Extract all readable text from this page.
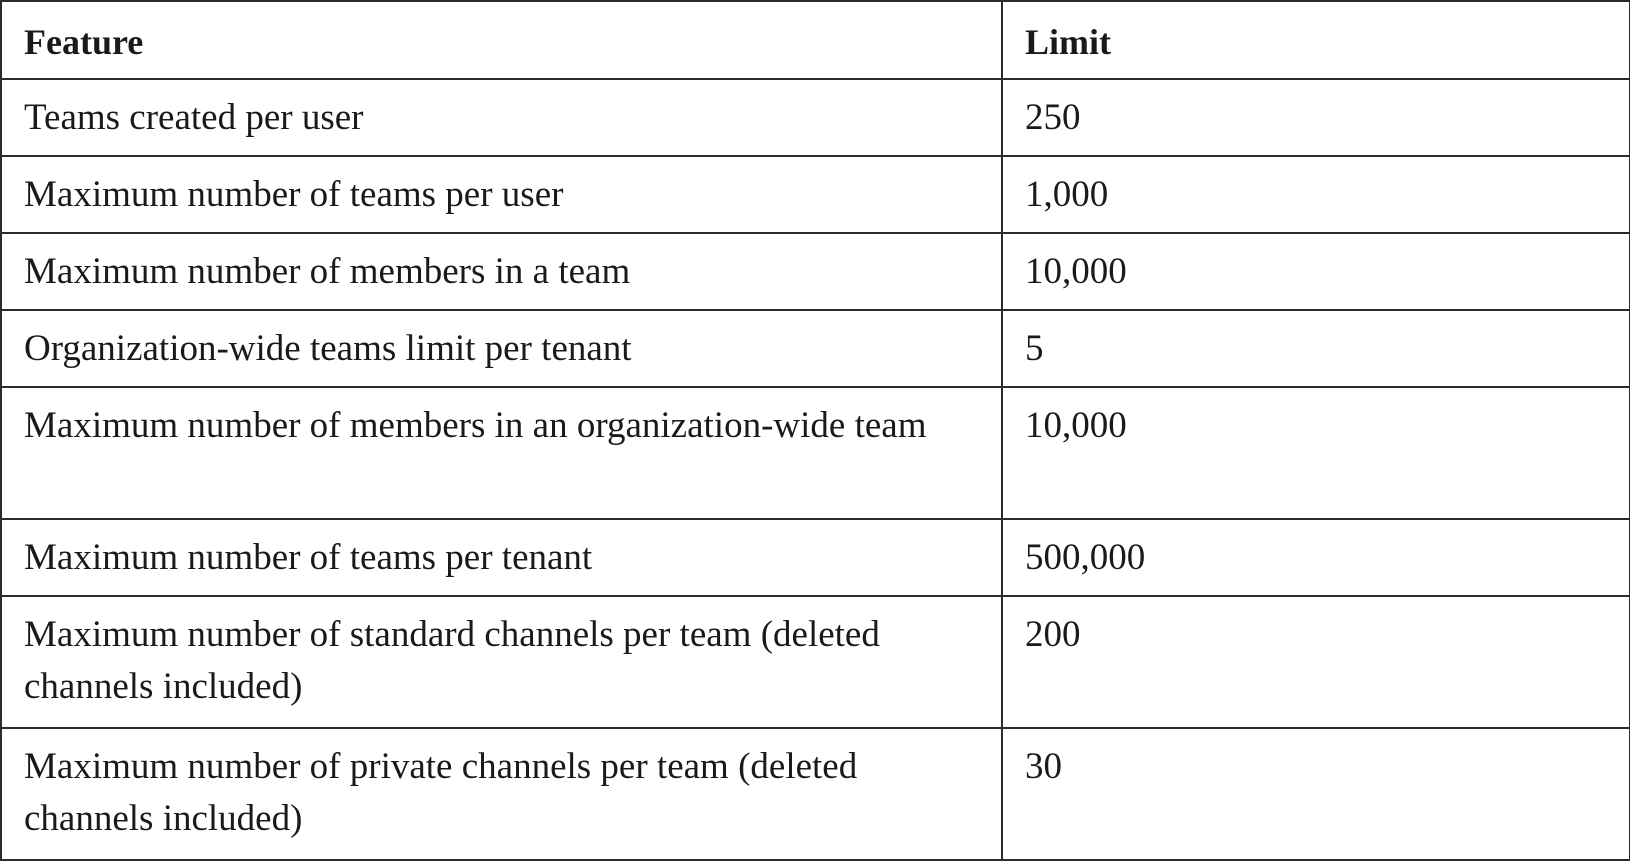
Feature	Limit
Teams created per user	250
Maximum number of teams per user	1,000
Maximum number of members in a team	10,000
Organization-wide teams limit per tenant	5
Maximum number of members in an organization-wide team	10,000
Maximum number of teams per tenant	500,000
Maximum number of standard channels per team (deleted channels included)	200
Maximum number of private channels per team (deleted channels included)	30
